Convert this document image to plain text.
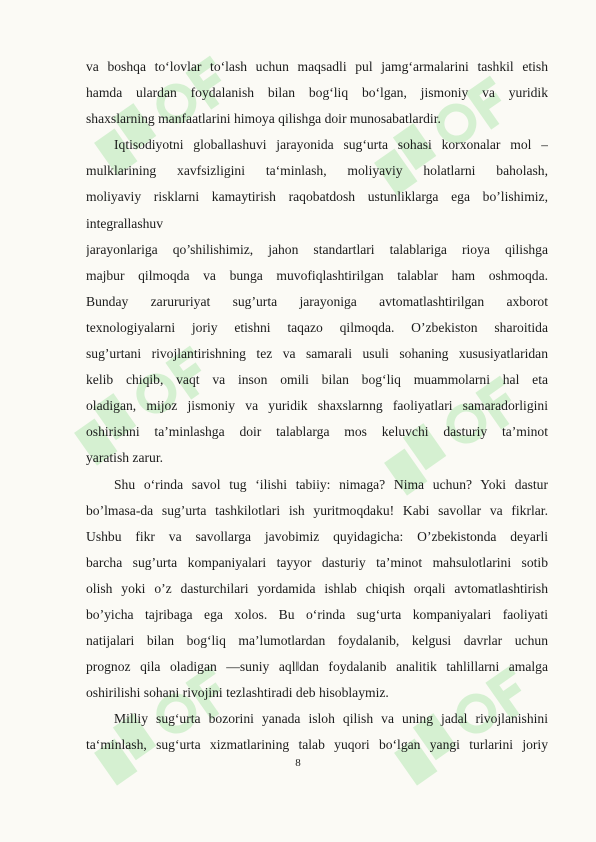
va boshqa to‘lovlar to‘lash uchun maqsadli pul jamg‘armalarini tashkil etish
hamda ulardan foydalanish bilan bog‘liq bo‘lgan, jismoniy va yuridik
shaxslarning manfaatlarini himoya qilishga doir munosabatlardir.
Iqtisodiyotni globallashuvi jarayonida sug‘urta sohasi korxonalar mol –
mulklarining xavfsizligini ta‘minlash, moliyaviy holatlarni baholash,
moliyaviy risklarni kamaytirish raqobatdosh ustunliklarga ega bo’lishimiz,
integrallashuv
jarayonlariga qo’shilishimiz, jahon standartlari talablariga rioya qilishga
majbur qilmoqda va bunga muvofiqlashtirilgan talablar ham oshmoqda.
Bunday zarururiyat sug’urta jarayoniga avtomatlashtirilgan axborot
texnologiyalarni joriy etishni taqazo qilmoqda. O’zbekiston sharoitida
sug’urtani rivojlantirishning tez va samarali usuli sohaning xususiyatlaridan
kelib chiqib, vaqt va inson omili bilan bog‘liq muammolarni hal eta
oladigan, mijoz jismoniy va yuridik shaxslarnng faoliyatlari samaradorligini
oshirishni ta’minlashga doir talablarga mos keluvchi dasturiy ta’minot
yaratish zarur.
Shu o‘rinda savol tug ‘ilishi tabiiy: nimaga? Nima uchun? Yoki dastur
bo’lmasa-da sug’urta tashkilotlari ish yuritmoqdaku! Kabi savollar va fikrlar.
Ushbu fikr va savollarga javobimiz quyidagicha: O’zbekistonda deyarli
barcha sug’urta kompaniyalari tayyor dasturiy ta’minot mahsulotlarini sotib
olish yoki o’z dasturchilari yordamida ishlab chiqish orqali avtomatlashtirish
bo’yicha tajribaga ega xolos. Bu o‘rinda sug‘urta kompaniyalari faoliyati
natijalari bilan bog‘liq ma’lumotlardan foydalanib, kelgusi davrlar uchun
prognoz qila oladigan ―suniy aql‖dan foydalanib analitik tahlillarni amalga
oshirilishi sohani rivojini tezlashtiradi deb hisoblaymiz.
Milliy sug‘urta bozorini yanada isloh qilish va uning jadal rivojlanishini
ta‘minlash, sug‘urta xizmatlarining talab yuqori bo‘lgan yangi turlarini joriy
8
